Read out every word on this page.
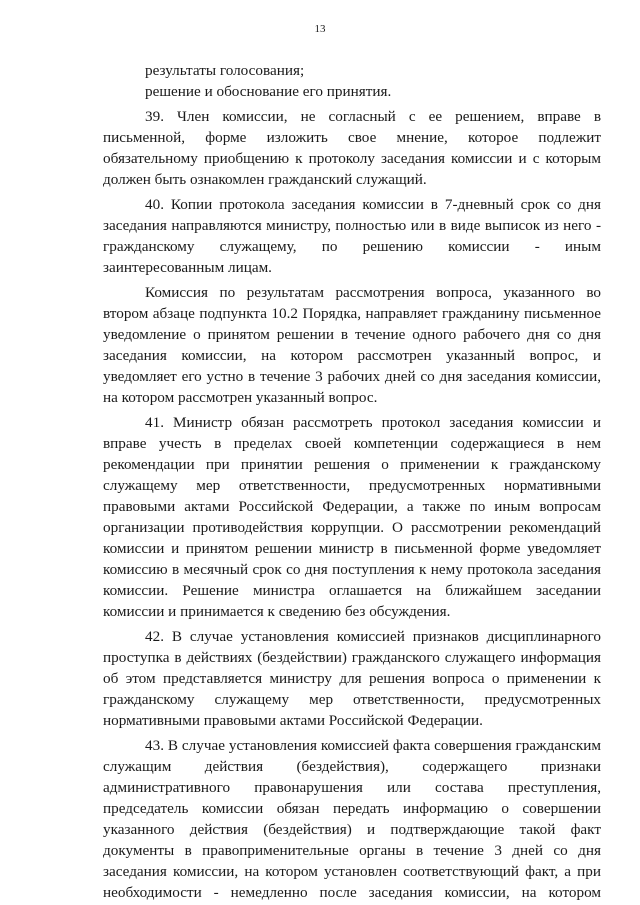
13
результаты голосования;
решение и обоснование его принятия.
39. Член комиссии, не согласный с ее решением, вправе в
письменной, форме изложить свое мнение, которое подлежит
обязательному приобщению к протоколу заседания комиссии и с которым
должен быть ознакомлен гражданский служащий.
40. Копии протокола заседания комиссии в 7-дневный срок со дня
заседания направляются министру, полностью или в виде выписок из него -
гражданскому служащему, по решению комиссии - иным
заинтересованным лицам.
Комиссия по результатам рассмотрения вопроса, указанного во
втором абзаце подпункта 10.2 Порядка, направляет гражданину письменное
уведомление о принятом решении в течение одного рабочего дня со дня
заседания комиссии, на котором рассмотрен указанный вопрос, и
уведомляет его устно в течение 3 рабочих дней со дня заседания комиссии,
на котором рассмотрен указанный вопрос.
41. Министр обязан рассмотреть протокол заседания комиссии и
вправе учесть в пределах своей компетенции содержащиеся в нем
рекомендации при принятии решения о применении к гражданскому
служащему мер ответственности, предусмотренных нормативными
правовыми актами Российской Федерации, а также по иным вопросам
организации противодействия коррупции. О рассмотрении рекомендаций
комиссии и принятом решении министр в письменной форме уведомляет
комиссию в месячный срок со дня поступления к нему протокола заседания
комиссии. Решение министра оглашается на ближайшем заседании
комиссии и принимается к сведению без обсуждения.
42. В случае установления комиссией признаков дисциплинарного
проступка в действиях (бездействии) гражданского служащего информация
об этом представляется министру для решения вопроса о применении к
гражданскому служащему мер ответственности, предусмотренных
нормативными правовыми актами Российской Федерации.
43. В случае установления комиссией факта совершения гражданским
служащим действия (бездействия), содержащего признаки
административного правонарушения или состава преступления,
председатель комиссии обязан передать информацию о совершении
указанного действия (бездействия) и подтверждающие такой факт
документы в правоприменительные органы в течение 3 дней со дня
заседания комиссии, на котором установлен соответствующий факт, а при
необходимости - немедленно после заседания комиссии, на котором
